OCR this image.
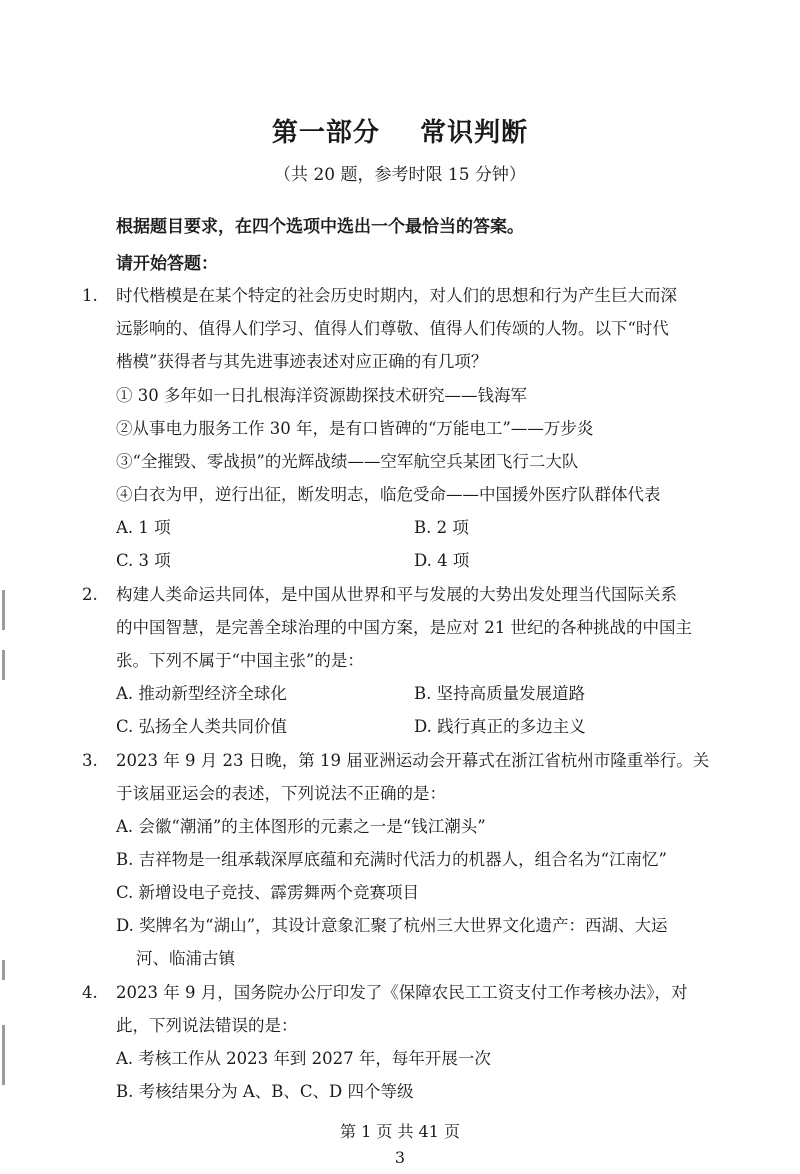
第一部分    常识判断
（共 20 题，参考时限 15 分钟）
根据题目要求，在四个选项中选出一个最恰当的答案。
请开始答题：
1. 时代楷模是在某个特定的社会历史时期内，对人们的思想和行为产生巨大而深
远影响的、值得人们学习、值得人们尊敬、值得人们传颂的人物。以下“时代
楷模”获得者与其先进事迹表述对应正确的有几项？
① 30 多年如一日扎根海洋资源勘探技术研究——钱海军
②从事电力服务工作 30 年，是有口皆碑的“万能电工”——万步炎
③“全摧毁、零战损”的光辉战绩——空军航空兵某团飞行二大队
④白衣为甲，逆行出征，断发明志，临危受命——中国援外医疗队群体代表
A. 1 项	B. 2 项
C. 3 项	D. 4 项
2. 构建人类命运共同体，是中国从世界和平与发展的大势出发处理当代国际关系
的中国智慧，是完善全球治理的中国方案，是应对 21 世纪的各种挑战的中国主
张。下列不属于“中国主张”的是：
A. 推动新型经济全球化	B. 坚持高质量发展道路
C. 弘扬全人类共同价值	D. 践行真正的多边主义
3. 2023 年 9 月 23 日晚，第 19 届亚洲运动会开幕式在浙江省杭州市隆重举行。关
于该届亚运会的表述，下列说法不正确的是：
A. 会徽“潮涌”的主体图形的元素之一是“钱江潮头”
B. 吉祥物是一组承载深厚底蕴和充满时代活力的机器人，组合名为“江南忆”
C. 新增设电子竞技、霹雳舞两个竞赛项目
D. 奖牌名为“湖山”，其设计意象汇聚了杭州三大世界文化遗产：西湖、大运
河、临浦古镇
4. 2023 年 9 月，国务院办公厅印发了《保障农民工工资支付工作考核办法》，对
此，下列说法错误的是：
A. 考核工作从 2023 年到 2027 年，每年开展一次
B. 考核结果分为 A、B、C、D 四个等级
第 1 页 共 41 页
3
